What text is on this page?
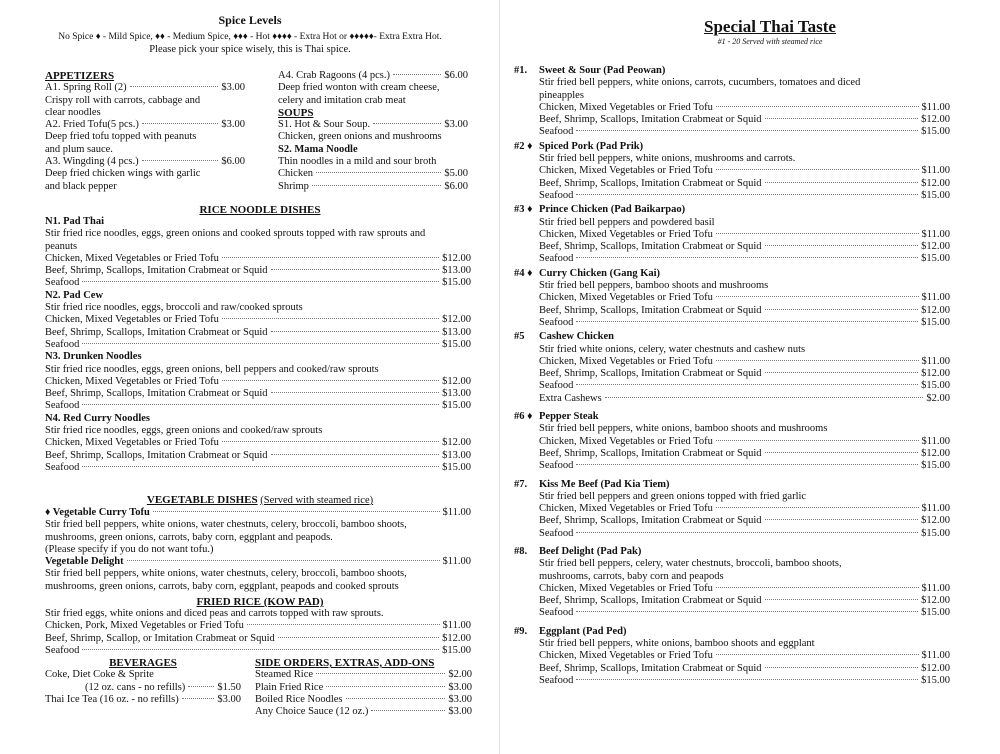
Spice Levels
No Spice ♦ - Mild Spice, ♦♦ - Medium Spice, ♦♦♦ - Hot ♦♦♦♦ - Extra Hot or ♦♦♦♦♦- Extra Extra Hot.
Please pick your spice wisely, this is Thai spice.
APPETIZERS
A1. Spring Roll (2)	$3.00
Crispy roll with carrots, cabbage and
clear noodles
A2. Fried Tofu(5 pcs.)	$3.00
Deep fried tofu topped with peanuts
and plum sauce.
A3. Wingding (4 pcs.)	$6.00
Deep fried chicken wings with garlic
and black pepper
A4. Crab Ragoons (4 pcs.)	$6.00
Deep fried wonton with cream cheese,
celery and imitation crab meat
SOUPS
S1. Hot & Sour Soup.	$3.00
Chicken, green onions and mushrooms
S2. Mama Noodle
Thin noodles in a mild and sour broth
Chicken	$5.00
Shrimp	$6.00
RICE NOODLE DISHES
N1. Pad Thai
Stir fried rice noodles, eggs, green onions and cooked sprouts topped with raw sprouts and
peanuts
Chicken, Mixed Vegetables or Fried Tofu	$12.00
Beef, Shrimp, Scallops, Imitation Crabmeat or Squid	$13.00
Seafood	$15.00
N2. Pad Cew
Stir fried rice noodles, eggs, broccoli and raw/cooked sprouts
Chicken, Mixed Vegetables or Fried Tofu	$12.00
Beef, Shrimp, Scallops, Imitation Crabmeat or Squid	$13.00
Seafood	$15.00
N3. Drunken Noodles
Stir fried rice noodles, eggs, green onions, bell peppers and cooked/raw sprouts
Chicken, Mixed Vegetables or Fried Tofu	$12.00
Beef, Shrimp, Scallops, Imitation Crabmeat or Squid	$13.00
Seafood	$15.00
N4. Red Curry Noodles
Stir fried rice noodles, eggs, green onions and cooked/raw sprouts
Chicken, Mixed Vegetables or Fried Tofu	$12.00
Beef, Shrimp, Scallops, Imitation Crabmeat or Squid	$13.00
Seafood	$15.00
VEGETABLE DISHES (Served with steamed rice)
♦ Vegetable Curry Tofu	$11.00
Stir fried bell peppers, white onions, water chestnuts, celery, broccoli, bamboo shoots,
mushrooms, green onions, carrots, baby corn, eggplant and peapods.
(Please specify if you do not want tofu.)
Vegetable Delight	$11.00
Stir fried bell peppers, white onions, water chestnuts, celery, broccoli, bamboo shoots,
mushrooms, green onions, carrots, baby corn, eggplant, peapods and cooked sprouts
FRIED RICE (KOW PAD)
Stir fried eggs, white onions and diced peas and carrots topped with raw sprouts.
Chicken, Pork, Mixed Vegetables or Fried Tofu	$11.00
Beef, Shrimp, Scallop, or Imitation Crabmeat or Squid	$12.00
Seafood	$15.00
BEVERAGES
Coke, Diet Coke & Sprite
(12 oz. cans - no refills)	$1.50
Thai Ice Tea (16 oz. - no refills)	$3.00
SIDE ORDERS, EXTRAS, ADD-ONS
Steamed Rice	$2.00
Plain Fried Rice	$3.00
Boiled Rice Noodles	$3.00
Any Choice Sauce (12 oz.)	$3.00
Special Thai Taste
#1 - 20 Served with steamed rice
#1. Sweet & Sour (Pad Peowan)
Stir fried bell peppers, white onions, carrots, cucumbers, tomatoes and diced
pineapples
Chicken, Mixed Vegetables or Fried Tofu	$11.00
Beef, Shrimp, Scallops, Imitation Crabmeat or Squid	$12.00
Seafood	$15.00
#2 ♦ Spiced Pork (Pad Prik)
Stir fried bell peppers, white onions, mushrooms and carrots.
Chicken, Mixed Vegetables or Fried Tofu	$11.00
Beef, Shrimp, Scallops, Imitation Crabmeat or Squid	$12.00
Seafood	$15.00
#3 ♦ Prince Chicken (Pad Baikarpao)
Stir fried bell peppers and powdered basil
Chicken, Mixed Vegetables or Fried Tofu	$11.00
Beef, Shrimp, Scallops, Imitation Crabmeat or Squid	$12.00
Seafood	$15.00
#4 ♦ Curry Chicken (Gang Kai)
Stir fried bell peppers, bamboo shoots and mushrooms
Chicken, Mixed Vegetables or Fried Tofu	$11.00
Beef, Shrimp, Scallops, Imitation Crabmeat or Squid	$12.00
Seafood	$15.00
#5 Cashew Chicken
Stir fried white onions, celery, water chestnuts and cashew nuts
Chicken, Mixed Vegetables or Fried Tofu	$11.00
Beef, Shrimp, Scallops, Imitation Crabmeat or Squid	$12.00
Seafood	$15.00
Extra Cashews	$2.00
#6 ♦ Pepper Steak
Stir fried bell peppers, white onions, bamboo shoots and mushrooms
Chicken, Mixed Vegetables or Fried Tofu	$11.00
Beef, Shrimp, Scallops, Imitation Crabmeat or Squid	$12.00
Seafood	$15.00
#7. Kiss Me Beef (Pad Kia Tiem)
Stir fried bell peppers and green onions topped with fried garlic
Chicken, Mixed Vegetables or Fried Tofu	$11.00
Beef, Shrimp, Scallops, Imitation Crabmeat or Squid	$12.00
Seafood	$15.00
#8. Beef Delight (Pad Pak)
Stir fried bell peppers, celery, water chestnuts, broccoli, bamboo shoots,
mushrooms, carrots, baby corn and peapods
Chicken, Mixed Vegetables or Fried Tofu	$11.00
Beef, Shrimp, Scallops, Imitation Crabmeat or Squid	$12.00
Seafood	$15.00
#9. Eggplant (Pad Ped)
Stir fried bell peppers, white onions, bamboo shoots and eggplant
Chicken, Mixed Vegetables or Fried Tofu	$11.00
Beef, Shrimp, Scallops, Imitation Crabmeat or Squid	$12.00
Seafood	$15.00
